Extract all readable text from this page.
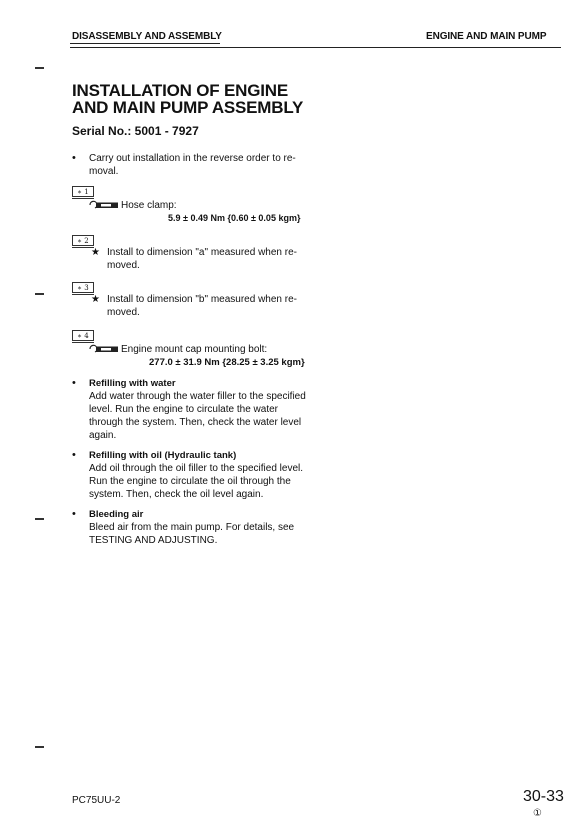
DISASSEMBLY AND ASSEMBLY	ENGINE AND MAIN PUMP
INSTALLATION OF ENGINE
AND MAIN PUMP ASSEMBLY
Serial No.: 5001 - 7927
• Carry out installation in the reverse order to re-
moval.
∗ 1
Hose clamp:
5.9 ± 0.49 Nm {0.60 ± 0.05 kgm}
∗ 2
★ Install to dimension "a" measured when re-
moved.
∗ 3
★ Install to dimension "b" measured when re-
moved.
∗ 4
Engine mount cap mounting bolt:
277.0 ± 31.9 Nm {28.25 ± 3.25 kgm}
• Refilling with water
Add water through the water filler to the specified
level. Run the engine to circulate the water
through the system. Then, check the water level
again.
• Refilling with oil (Hydraulic tank)
Add oil through the oil filler to the specified level.
Run the engine to circulate the oil through the
system. Then, check the oil level again.
• Bleeding air
Bleed air from the main pump. For details, see
TESTING AND ADJUSTING.
PC75UU-2	30-33
①
